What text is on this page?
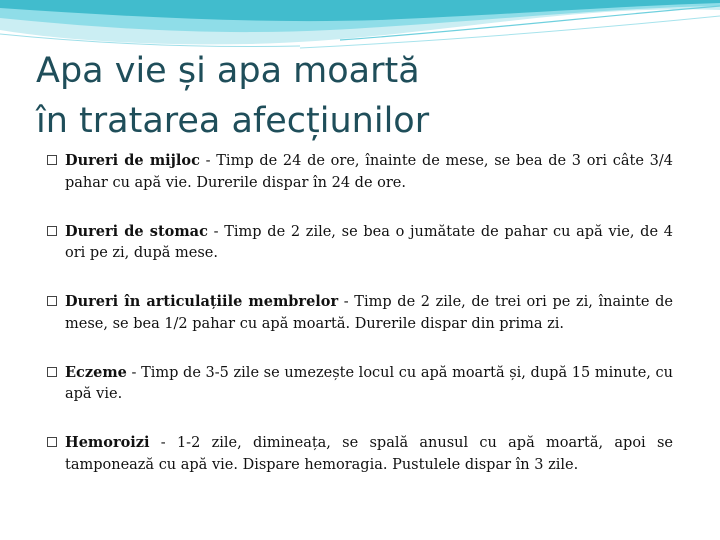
Apa vie și apa moartă
în tratarea afecțiunilor
Dureri de mijloc - Timp de 24 de ore, înainte de mese, se bea de 3 ori câte 3/4 pahar cu apă vie. Durerile dispar în 24 de ore.
Dureri de stomac - Timp de 2 zile, se bea o jumătate de pahar cu apă vie, de 4 ori pe zi, după mese.
Dureri în articulațiile membrelor - Timp de 2 zile, de trei ori pe zi, înainte de mese, se bea 1/2 pahar cu apă moartă. Durerile dispar din prima zi.
Eczeme - Timp de 3-5 zile se umezește locul cu apă moartă și, după 15 minute, cu apă vie.
Hemoroizi - 1-2 zile, dimineața, se spală anusul cu apă moartă, apoi se tamponează cu apă vie. Dispare hemoragia. Pustulele dispar în 3 zile.
